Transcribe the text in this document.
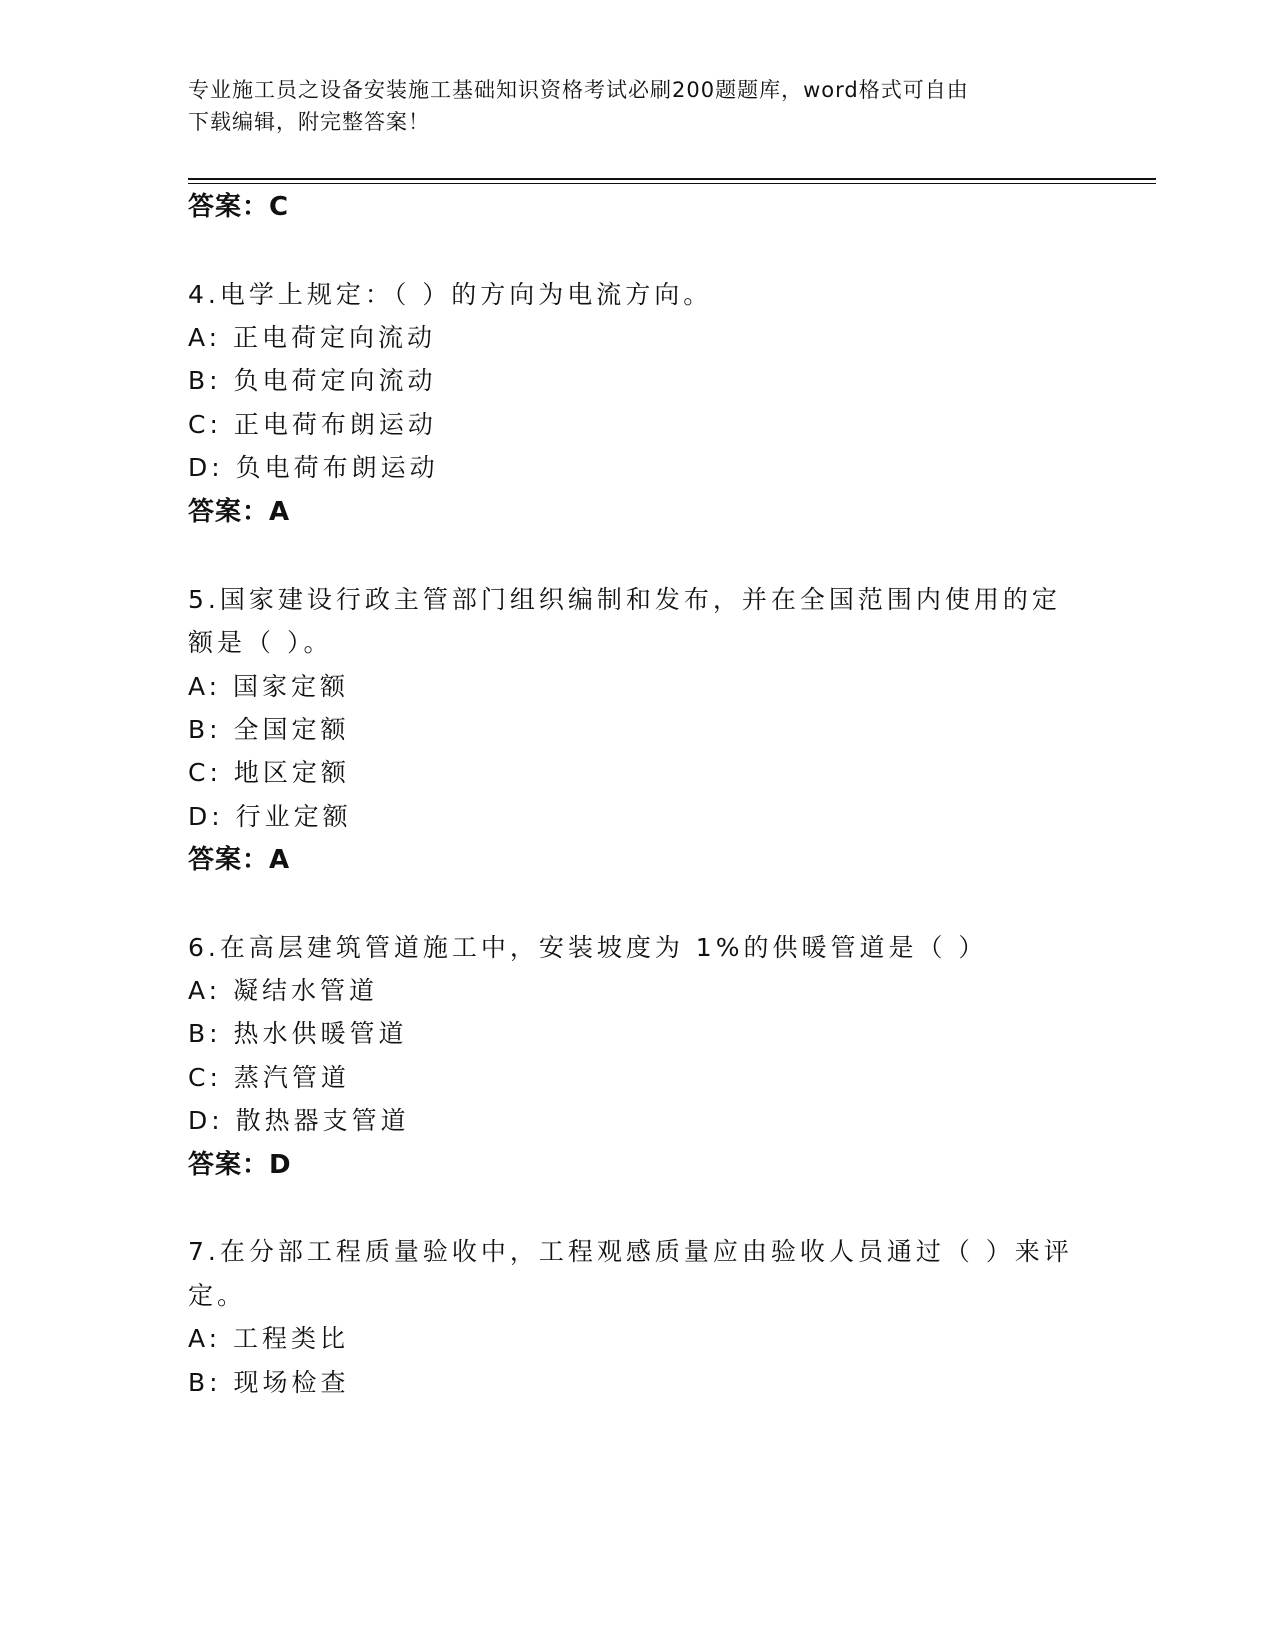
专业施工员之设备安装施工基础知识资格考试必刷200题题库，word格式可自由
下载编辑，附完整答案！
答案：C
4.电学上规定：（ ）的方向为电流方向。
A: 正电荷定向流动
B: 负电荷定向流动
C: 正电荷布朗运动
D: 负电荷布朗运动
答案：A
5.国家建设行政主管部门组织编制和发布，并在全国范围内使用的定
额是（ ）。
A: 国家定额
B: 全国定额
C: 地区定额
D: 行业定额
答案：A
6.在高层建筑管道施工中，安装坡度为 1%的供暖管道是（ ）
A: 凝结水管道
B: 热水供暖管道
C: 蒸汽管道
D: 散热器支管道
答案：D
7.在分部工程质量验收中，工程观感质量应由验收人员通过（ ）来评
定。
A: 工程类比
B: 现场检查
